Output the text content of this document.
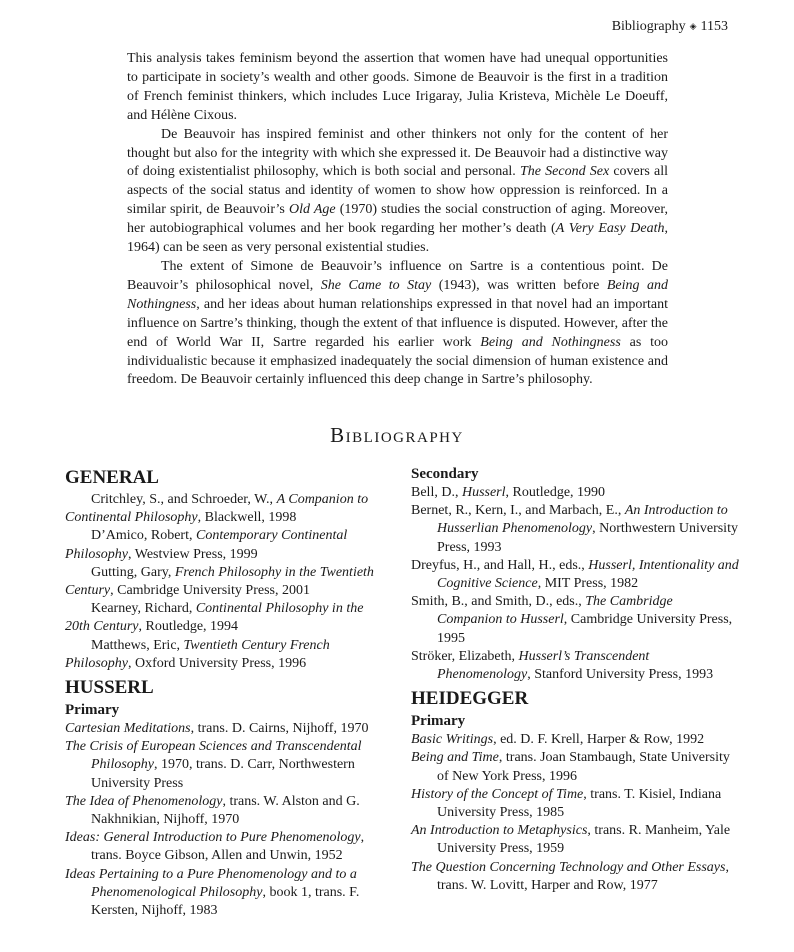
Bibliography ◈ 1153

This analysis takes feminism beyond the assertion that women have had unequal opportunities to participate in society’s wealth and other goods. Simone de Beauvoir is the first in a tradition of French feminist thinkers, which includes Luce Irigaray, Julia Kristeva, Michèle Le Doeuff, and Hélène Cixous.

De Beauvoir has inspired feminist and other thinkers not only for the content of her thought but also for the integrity with which she expressed it. De Beauvoir had a distinctive way of doing existentialist philosophy, which is both social and personal. The Second Sex covers all aspects of the social status and identity of women to show how oppression is reinforced. In a similar spirit, de Beauvoir’s Old Age (1970) studies the social construction of aging. Moreover, her autobiographical volumes and her book regarding her mother’s death (A Very Easy Death, 1964) can be seen as very personal existential studies.

The extent of Simone de Beauvoir’s influence on Sartre is a contentious point. De Beauvoir’s philosophical novel, She Came to Stay (1943), was written before Being and Nothingness, and her ideas about human relationships expressed in that novel had an important influence on Sartre’s thinking, though the extent of that influence is disputed. However, after the end of World War II, Sartre regarded his earlier work Being and Nothingness as too individualistic because it emphasized inadequately the social dimension of human existence and freedom. De Beauvoir certainly influenced this deep change in Sartre’s philosophy.

Bibliography
GENERAL
Critchley, S., and Schroeder, W., A Companion to Continental Philosophy, Blackwell, 1998
D’Amico, Robert, Contemporary Continental Philosophy, Westview Press, 1999
Gutting, Gary, French Philosophy in the Twentieth Century, Cambridge University Press, 2001
Kearney, Richard, Continental Philosophy in the 20th Century, Routledge, 1994
Matthews, Eric, Twentieth Century French Philosophy, Oxford University Press, 1996
HUSSERL
Primary
Cartesian Meditations, trans. D. Cairns, Nijhoff, 1970
The Crisis of European Sciences and Transcendental Philosophy, 1970, trans. D. Carr, Northwestern University Press
The Idea of Phenomenology, trans. W. Alston and G. Nakhnikian, Nijhoff, 1970
Ideas: General Introduction to Pure Phenomenology, trans. Boyce Gibson, Allen and Unwin, 1952
Ideas Pertaining to a Pure Phenomenology and to a Phenomenological Philosophy, book 1, trans. F. Kersten, Nijhoff, 1983
Secondary
Bell, D., Husserl, Routledge, 1990
Bernet, R., Kern, I., and Marbach, E., An Introduction to Husserlian Phenomenology, Northwestern University Press, 1993
Dreyfus, H., and Hall, H., eds., Husserl, Intentionality and Cognitive Science, MIT Press, 1982
Smith, B., and Smith, D., eds., The Cambridge Companion to Husserl, Cambridge University Press, 1995
Ströker, Elizabeth, Husserl’s Transcendent Phenomenology, Stanford University Press, 1993
HEIDEGGER
Primary
Basic Writings, ed. D. F. Krell, Harper & Row, 1992
Being and Time, trans. Joan Stambaugh, State University of New York Press, 1996
History of the Concept of Time, trans. T. Kisiel, Indiana University Press, 1985
An Introduction to Metaphysics, trans. R. Manheim, Yale University Press, 1959
The Question Concerning Technology and Other Essays, trans. W. Lovitt, Harper and Row, 1977
